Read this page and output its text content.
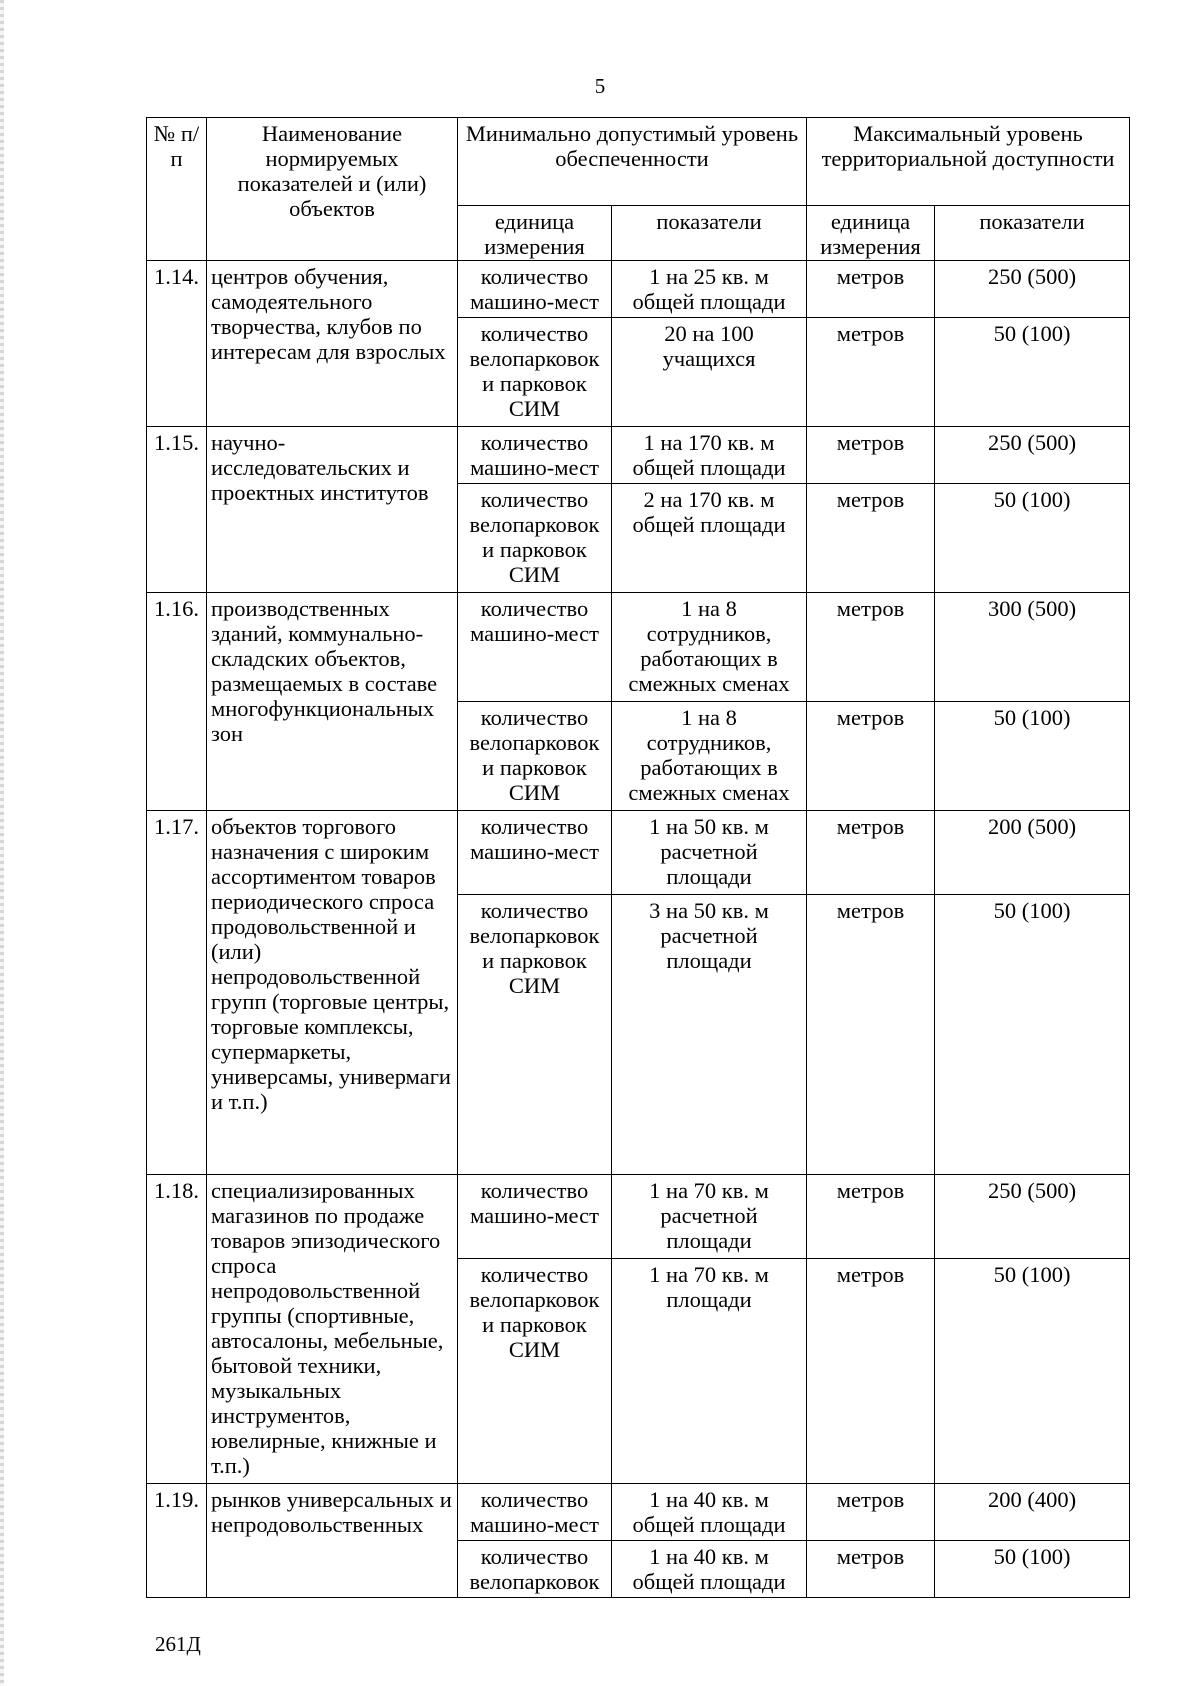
5
№ п/п	Наименование нормируемых показателей и (или) объектов	Минимально допустимый уровень обеспеченности		Максимальный уровень территориальной доступности	
		единица измерения	показатели	единица измерения	показатели
1.14.	центров обучения, самодеятельного творчества, клубов по интересам для взрослых	количество машино-мест	1 на 25 кв. м общей площади	метров	250 (500)
		количество велопарковок и парковок СИМ	20 на 100 учащихся	метров	50 (100)
1.15.	научно-исследовательских и проектных институтов	количество машино-мест	1 на 170 кв. м общей площади	метров	250 (500)
		количество велопарковок и парковок СИМ	2 на 170 кв. м общей площади	метров	50 (100)
1.16.	производственных зданий, коммунально-складских объектов, размещаемых в составе многофункциональных зон	количество машино-мест	1 на 8 сотрудников, работающих в смежных сменах	метров	300 (500)
		количество велопарковок и парковок СИМ	1 на 8 сотрудников, работающих в смежных сменах	метров	50 (100)
1.17.	объектов торгового назначения с широким ассортиментом товаров периодического спроса продовольственной и (или) непродовольственной групп (торговые центры, торговые комплексы, супермаркеты, универсамы, универмаги и т.п.)	количество машино-мест	1 на 50 кв. м расчетной площади	метров	200 (500)
		количество велопарковок и парковок СИМ	3 на 50 кв. м расчетной площади	метров	50 (100)
1.18.	специализированных магазинов по продаже товаров эпизодического спроса непродовольственной группы (спортивные, автосалоны, мебельные, бытовой техники, музыкальных инструментов, ювелирные, книжные и т.п.)	количество машино-мест	1 на 70 кв. м расчетной площади	метров	250 (500)
		количество велопарковок и парковок СИМ	1 на 70 кв. м площади	метров	50 (100)
1.19.	рынков универсальных и непродовольственных	количество машино-мест	1 на 40 кв. м общей площади	метров	200 (400)
		количество велопарковок	1 на 40 кв. м общей площади	метров	50 (100)
261Д
